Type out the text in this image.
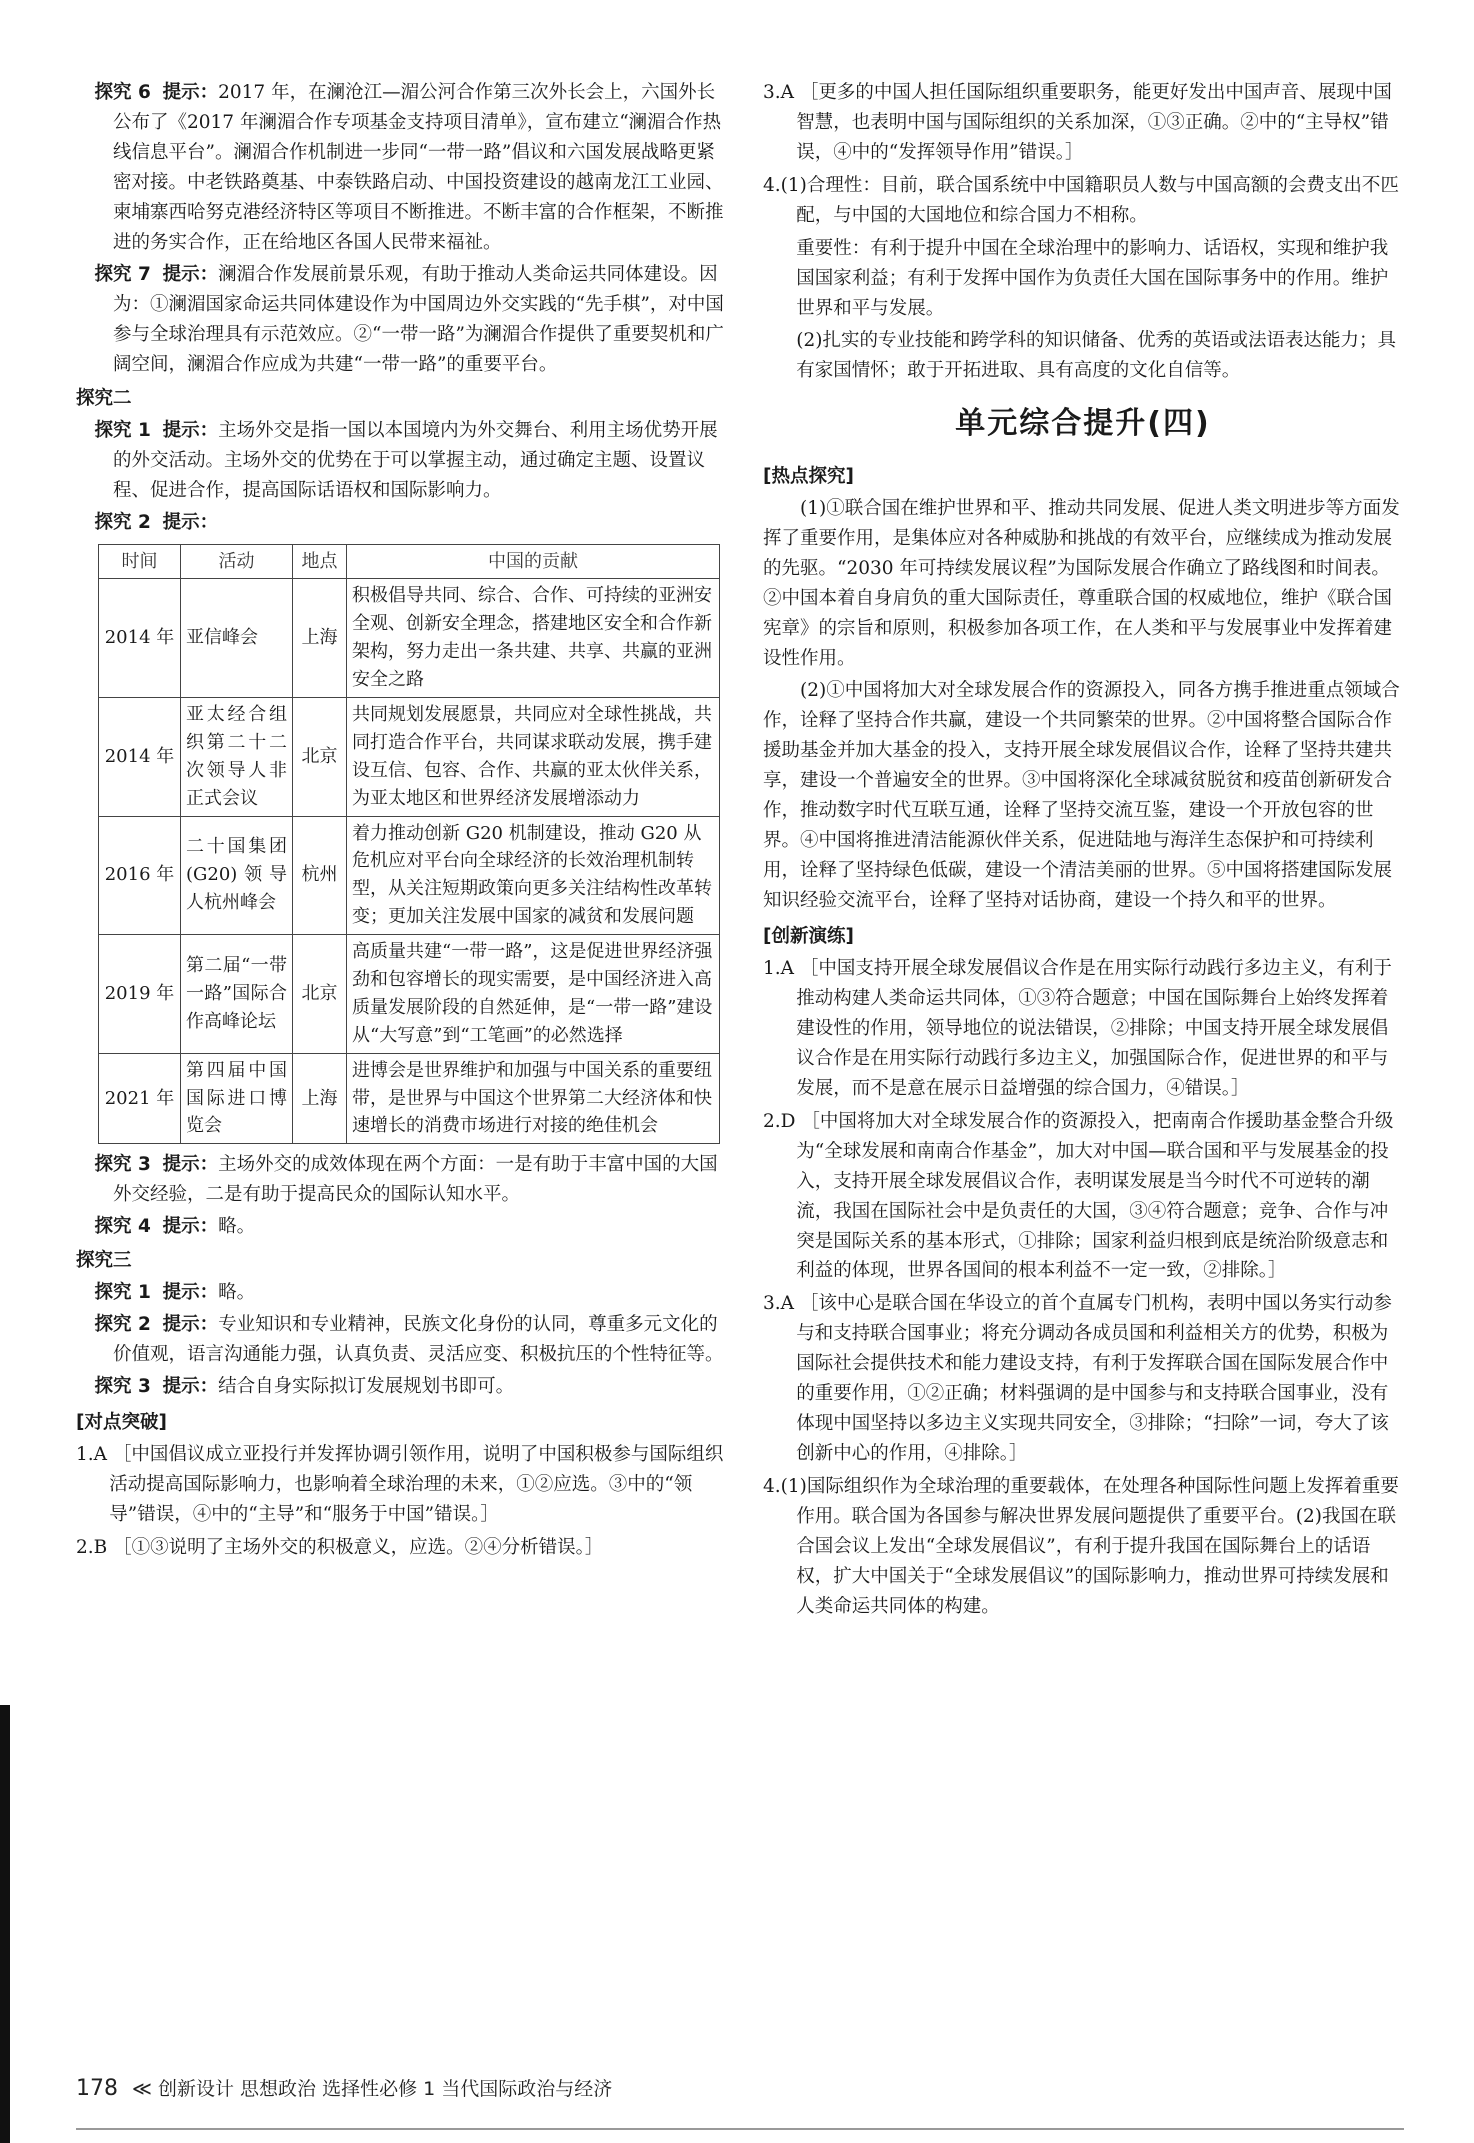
探究 6 提示：2017 年，在澜沧江—湄公河合作第三次外长会上，六国外长公布了《2017 年澜湄合作专项基金支持项目清单》，宣布建立“澜湄合作热线信息平台”。澜湄合作机制进一步同“一带一路”倡议和六国发展战略更紧密对接。中老铁路奠基、中泰铁路启动、中国投资建设的越南龙江工业园、柬埔寨西哈努克港经济特区等项目不断推进。不断丰富的合作框架，不断推进的务实合作，正在给地区各国人民带来福祉。

探究 7 提示：澜湄合作发展前景乐观，有助于推动人类命运共同体建设。因为：①澜湄国家命运共同体建设作为中国周边外交实践的“先手棋”，对中国参与全球治理具有示范效应。②“一带一路”为澜湄合作提供了重要契机和广阔空间，澜湄合作应成为共建“一带一路”的重要平台。

探究二

探究 1 提示：主场外交是指一国以本国境内为外交舞台、利用主场优势开展的外交活动。主场外交的优势在于可以掌握主动，通过确定主题、设置议程、促进合作，提高国际话语权和国际影响力。

探究 2 提示：

时间	活动	地点	中国的贡献
2014 年	亚信峰会	上海	积极倡导共同、综合、合作、可持续的亚洲安全观、创新安全理念，搭建地区安全和合作新架构，努力走出一条共建、共享、共赢的亚洲安全之路
2014 年	亚太经合组织第二十二次领导人非正式会议	北京	共同规划发展愿景，共同应对全球性挑战，共同打造合作平台，共同谋求联动发展，携手建设互信、包容、合作、共赢的亚太伙伴关系，为亚太地区和世界经济发展增添动力
2016 年	二十国集团(G20)领导人杭州峰会	杭州	着力推动创新 G20 机制建设，推动 G20 从危机应对平台向全球经济的长效治理机制转型，从关注短期政策向更多关注结构性改革转变；更加关注发展中国家的减贫和发展问题
2019 年	第二届“一带一路”国际合作高峰论坛	北京	高质量共建“一带一路”，这是促进世界经济强劲和包容增长的现实需要，是中国经济进入高质量发展阶段的自然延伸，是“一带一路”建设从“大写意”到“工笔画”的必然选择
2021 年	第四届中国国际进口博览会	上海	进博会是世界维护和加强与中国关系的重要纽带，是世界与中国这个世界第二大经济体和快速增长的消费市场进行对接的绝佳机会

探究 3 提示：主场外交的成效体现在两个方面：一是有助于丰富中国的大国外交经验，二是有助于提高民众的国际认知水平。

探究 4 提示：略。

探究三

探究 1 提示：略。

探究 2 提示：专业知识和专业精神，民族文化身份的认同，尊重多元文化的价值观，语言沟通能力强，认真负责、灵活应变、积极抗压的个性特征等。

探究 3 提示：结合自身实际拟订发展规划书即可。

[对点突破]

1.A ［中国倡议成立亚投行并发挥协调引领作用，说明了中国积极参与国际组织活动提高国际影响力，也影响着全球治理的未来，①②应选。③中的“领导”错误，④中的“主导”和“服务于中国”错误。］

2.B ［①③说明了主场外交的积极意义，应选。②④分析错误。］

3.A ［更多的中国人担任国际组织重要职务，能更好发出中国声音、展现中国智慧，也表明中国与国际组织的关系加深，①③正确。②中的“主导权”错误，④中的“发挥领导作用”错误。］

4.(1)合理性：目前，联合国系统中中国籍职员人数与中国高额的会费支出不匹配，与中国的大国地位和综合国力不相称。

重要性：有利于提升中国在全球治理中的影响力、话语权，实现和维护我国国家利益；有利于发挥中国作为负责任大国在国际事务中的作用。维护世界和平与发展。

(2)扎实的专业技能和跨学科的知识储备、优秀的英语或法语表达能力；具有家国情怀；敢于开拓进取、具有高度的文化自信等。

单元综合提升(四)

[热点探究]

(1)①联合国在维护世界和平、推动共同发展、促进人类文明进步等方面发挥了重要作用，是集体应对各种威胁和挑战的有效平台，应继续成为推动发展的先驱。“2030 年可持续发展议程”为国际发展合作确立了路线图和时间表。②中国本着自身肩负的重大国际责任，尊重联合国的权威地位，维护《联合国宪章》的宗旨和原则，积极参加各项工作，在人类和平与发展事业中发挥着建设性作用。

(2)①中国将加大对全球发展合作的资源投入，同各方携手推进重点领域合作，诠释了坚持合作共赢，建设一个共同繁荣的世界。②中国将整合国际合作援助基金并加大基金的投入，支持开展全球发展倡议合作，诠释了坚持共建共享，建设一个普遍安全的世界。③中国将深化全球减贫脱贫和疫苗创新研发合作，推动数字时代互联互通，诠释了坚持交流互鉴，建设一个开放包容的世界。④中国将推进清洁能源伙伴关系，促进陆地与海洋生态保护和可持续利用，诠释了坚持绿色低碳，建设一个清洁美丽的世界。⑤中国将搭建国际发展知识经验交流平台，诠释了坚持对话协商，建设一个持久和平的世界。

[创新演练]

1.A ［中国支持开展全球发展倡议合作是在用实际行动践行多边主义，有利于推动构建人类命运共同体，①③符合题意；中国在国际舞台上始终发挥着建设性的作用，领导地位的说法错误，②排除；中国支持开展全球发展倡议合作是在用实际行动践行多边主义，加强国际合作，促进世界的和平与发展，而不是意在展示日益增强的综合国力，④错误。］

2.D ［中国将加大对全球发展合作的资源投入，把南南合作援助基金整合升级为“全球发展和南南合作基金”，加大对中国—联合国和平与发展基金的投入，支持开展全球发展倡议合作，表明谋发展是当今时代不可逆转的潮流，我国在国际社会中是负责任的大国，③④符合题意；竞争、合作与冲突是国际关系的基本形式，①排除；国家利益归根到底是统治阶级意志和利益的体现，世界各国间的根本利益不一定一致，②排除。］

3.A ［该中心是联合国在华设立的首个直属专门机构，表明中国以务实行动参与和支持联合国事业；将充分调动各成员国和利益相关方的优势，积极为国际社会提供技术和能力建设支持，有利于发挥联合国在国际发展合作中的重要作用，①②正确；材料强调的是中国参与和支持联合国事业，没有体现中国坚持以多边主义实现共同安全，③排除；“扫除”一词，夸大了该创新中心的作用，④排除。］

4.(1)国际组织作为全球治理的重要载体，在处理各种国际性问题上发挥着重要作用。联合国为各国参与解决世界发展问题提供了重要平台。(2)我国在联合国会议上发出“全球发展倡议”，有利于提升我国在国际舞台上的话语权，扩大中国关于“全球发展倡议”的国际影响力，推动世界可持续发展和人类命运共同体的构建。

178 ≪ 创新设计 思想政治 选择性必修 1 当代国际政治与经济
